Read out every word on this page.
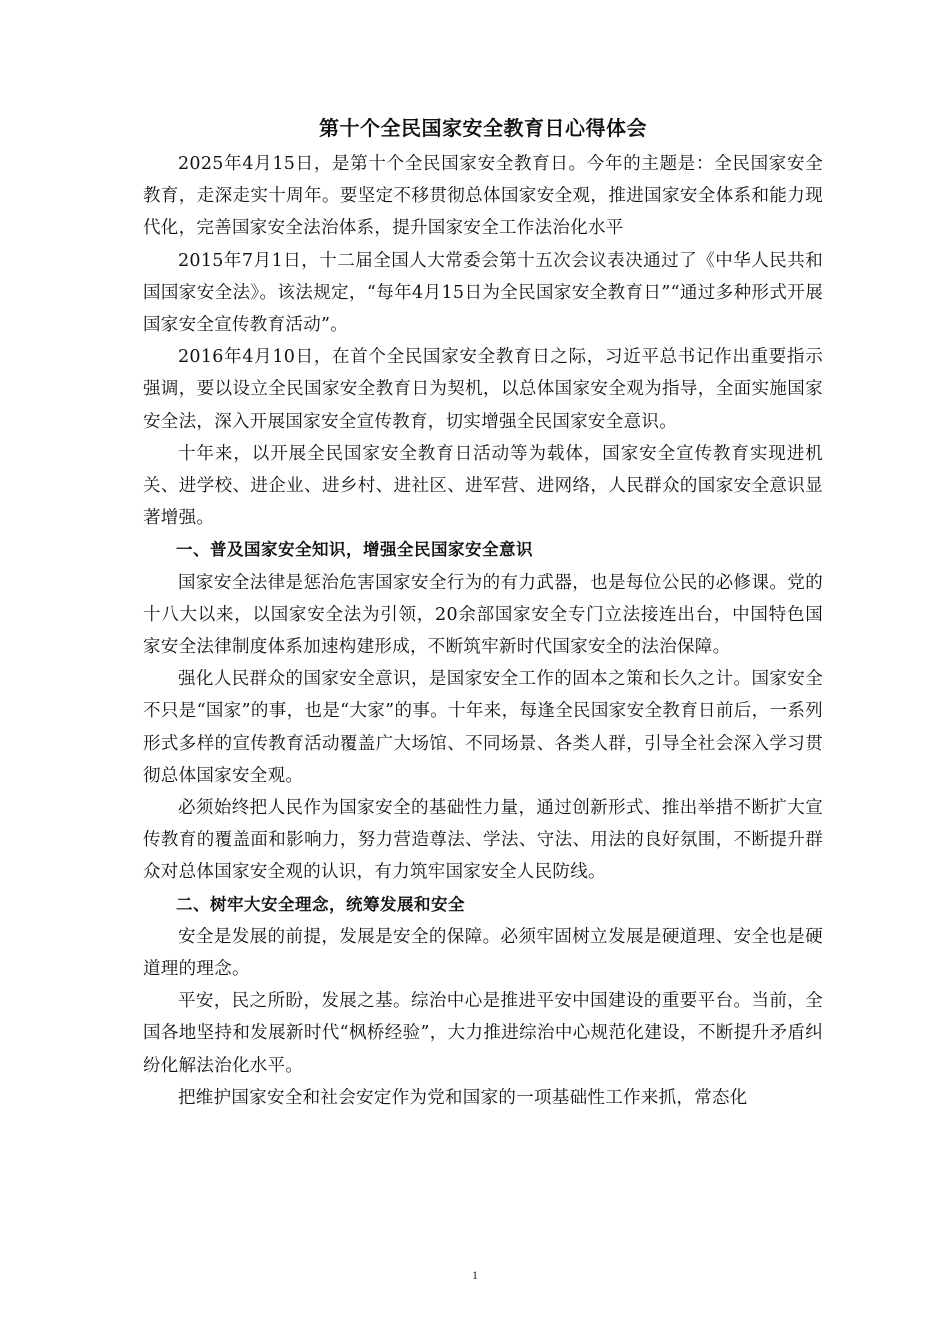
第十个全民国家安全教育日心得体会

2025年4月15日，是第十个全民国家安全教育日。今年的主题是：全民国家安全教育，走深走实十周年。要坚定不移贯彻总体国家安全观，推进国家安全体系和能力现代化，完善国家安全法治体系，提升国家安全工作法治化水平

2015年7月1日，十二届全国人大常委会第十五次会议表决通过了《中华人民共和国国家安全法》。该法规定，“每年4月15日为全民国家安全教育日”“通过多种形式开展国家安全宣传教育活动”。

2016年4月10日，在首个全民国家安全教育日之际，习近平总书记作出重要指示强调，要以设立全民国家安全教育日为契机，以总体国家安全观为指导，全面实施国家安全法，深入开展国家安全宣传教育，切实增强全民国家安全意识。

十年来，以开展全民国家安全教育日活动等为载体，国家安全宣传教育实现进机关、进学校、进企业、进乡村、进社区、进军营、进网络，人民群众的国家安全意识显著增强。

一、普及国家安全知识，增强全民国家安全意识

国家安全法律是惩治危害国家安全行为的有力武器，也是每位公民的必修课。党的十八大以来，以国家安全法为引领，20余部国家安全专门立法接连出台，中国特色国家安全法律制度体系加速构建形成，不断筑牢新时代国家安全的法治保障。

强化人民群众的国家安全意识，是国家安全工作的固本之策和长久之计。国家安全不只是“国家”的事，也是“大家”的事。十年来，每逢全民国家安全教育日前后，一系列形式多样的宣传教育活动覆盖广大场馆、不同场景、各类人群，引导全社会深入学习贯彻总体国家安全观。

必须始终把人民作为国家安全的基础性力量，通过创新形式、推出举措不断扩大宣传教育的覆盖面和影响力，努力营造尊法、学法、守法、用法的良好氛围，不断提升群众对总体国家安全观的认识，有力筑牢国家安全人民防线。

二、树牢大安全理念，统筹发展和安全

安全是发展的前提，发展是安全的保障。必须牢固树立发展是硬道理、安全也是硬道理的理念。

平安，民之所盼，发展之基。综治中心是推进平安中国建设的重要平台。当前，全国各地坚持和发展新时代“枫桥经验”，大力推进综治中心规范化建设，不断提升矛盾纠纷化解法治化水平。

把维护国家安全和社会安定作为党和国家的一项基础性工作来抓，常态化

1
